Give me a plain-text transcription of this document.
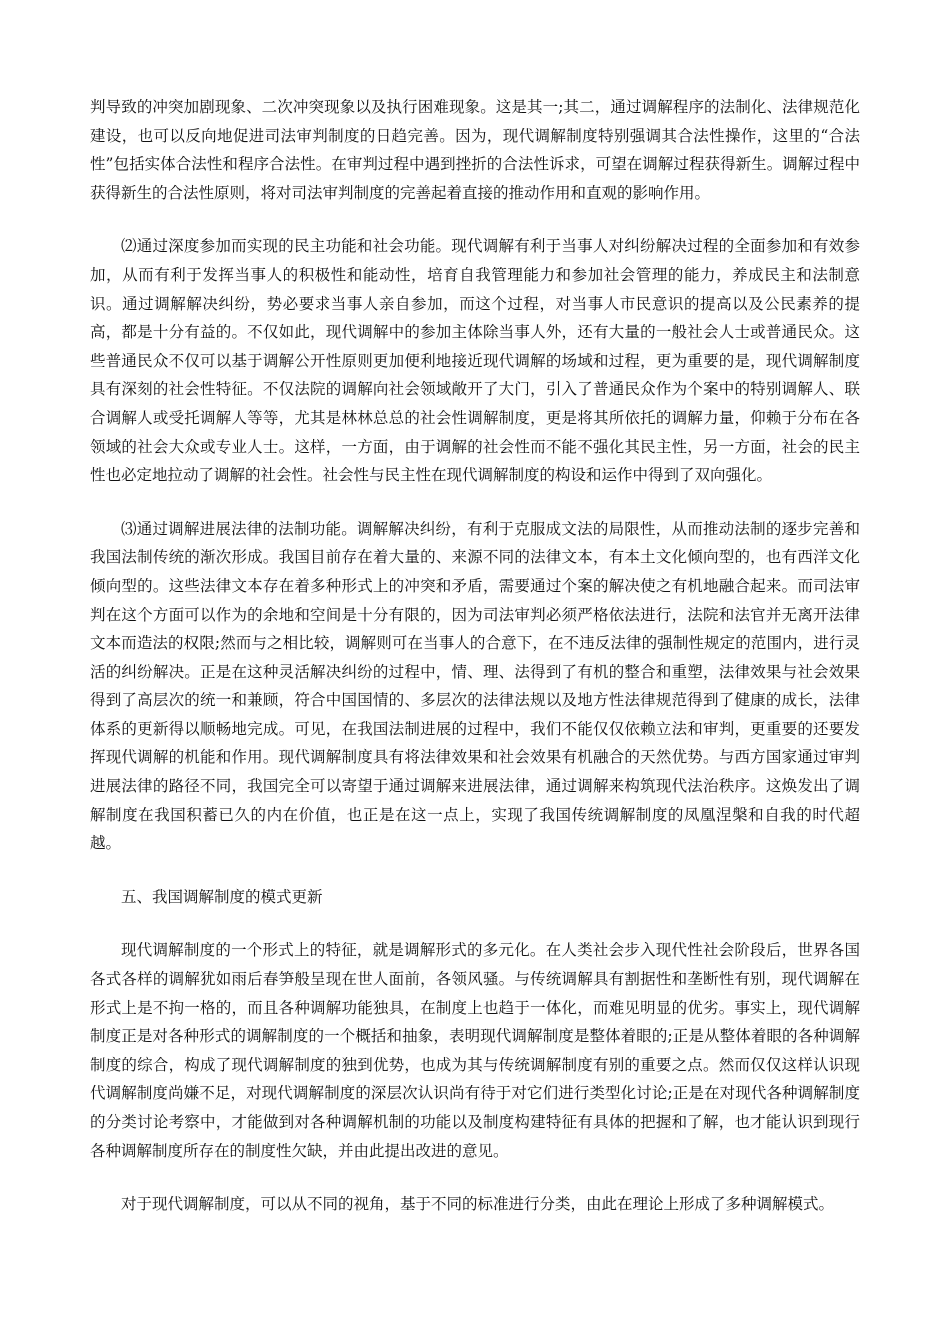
判导致的冲突加剧现象、二次冲突现象以及执行困难现象。这是其一;其二，通过调解程序的法制化、法律规范化建设，也可以反向地促进司法审判制度的日趋完善。因为，现代调解制度特别强调其合法性操作，这里的“合法性”包括实体合法性和程序合法性。在审判过程中遇到挫折的合法性诉求，可望在调解过程获得新生。调解过程中获得新生的合法性原则，将对司法审判制度的完善起着直接的推动作用和直观的影响作用。

⑵通过深度参加而实现的民主功能和社会功能。现代调解有利于当事人对纠纷解决过程的全面参加和有效参加，从而有利于发挥当事人的积极性和能动性，培育自我管理能力和参加社会管理的能力，养成民主和法制意识。通过调解解决纠纷，势必要求当事人亲自参加，而这个过程，对当事人市民意识的提高以及公民素养的提高，都是十分有益的。不仅如此，现代调解中的参加主体除当事人外，还有大量的一般社会人士或普通民众。这些普通民众不仅可以基于调解公开性原则更加便利地接近现代调解的场域和过程，更为重要的是，现代调解制度具有深刻的社会性特征。不仅法院的调解向社会领域敞开了大门，引入了普通民众作为个案中的特别调解人、联合调解人或受托调解人等等，尤其是林林总总的社会性调解制度，更是将其所依托的调解力量，仰赖于分布在各领域的社会大众或专业人士。这样，一方面，由于调解的社会性而不能不强化其民主性，另一方面，社会的民主性也必定地拉动了调解的社会性。社会性与民主性在现代调解制度的构设和运作中得到了双向强化。

⑶通过调解进展法律的法制功能。调解解决纠纷，有利于克服成文法的局限性，从而推动法制的逐步完善和我国法制传统的渐次形成。我国目前存在着大量的、来源不同的法律文本，有本土文化倾向型的，也有西洋文化倾向型的。这些法律文本存在着多种形式上的冲突和矛盾，需要通过个案的解决使之有机地融合起来。而司法审判在这个方面可以作为的余地和空间是十分有限的，因为司法审判必须严格依法进行，法院和法官并无离开法律文本而造法的权限;然而与之相比较，调解则可在当事人的合意下，在不违反法律的强制性规定的范围内，进行灵活的纠纷解决。正是在这种灵活解决纠纷的过程中，情、理、法得到了有机的整合和重塑，法律效果与社会效果得到了高层次的统一和兼顾，符合中国国情的、多层次的法律法规以及地方性法律规范得到了健康的成长，法律体系的更新得以顺畅地完成。可见，在我国法制进展的过程中，我们不能仅仅依赖立法和审判，更重要的还要发挥现代调解的机能和作用。现代调解制度具有将法律效果和社会效果有机融合的天然优势。与西方国家通过审判进展法律的路径不同，我国完全可以寄望于通过调解来进展法律，通过调解来构筑现代法治秩序。这焕发出了调解制度在我国积蓄已久的内在价值，也正是在这一点上，实现了我国传统调解制度的凤凰涅槃和自我的时代超越。

五、我国调解制度的模式更新

现代调解制度的一个形式上的特征，就是调解形式的多元化。在人类社会步入现代性社会阶段后，世界各国各式各样的调解犹如雨后春笋般呈现在世人面前，各领风骚。与传统调解具有割据性和垄断性有别，现代调解在形式上是不拘一格的，而且各种调解功能独具，在制度上也趋于一体化，而难见明显的优劣。事实上，现代调解制度正是对各种形式的调解制度的一个概括和抽象，表明现代调解制度是整体着眼的;正是从整体着眼的各种调解制度的综合，构成了现代调解制度的独到优势，也成为其与传统调解制度有别的重要之点。然而仅仅这样认识现代调解制度尚嫌不足，对现代调解制度的深层次认识尚有待于对它们进行类型化讨论;正是在对现代各种调解制度的分类讨论考察中，才能做到对各种调解机制的功能以及制度构建特征有具体的把握和了解，也才能认识到现行各种调解制度所存在的制度性欠缺，并由此提出改进的意见。

对于现代调解制度，可以从不同的视角，基于不同的标准进行分类，由此在理论上形成了多种调解模式。
